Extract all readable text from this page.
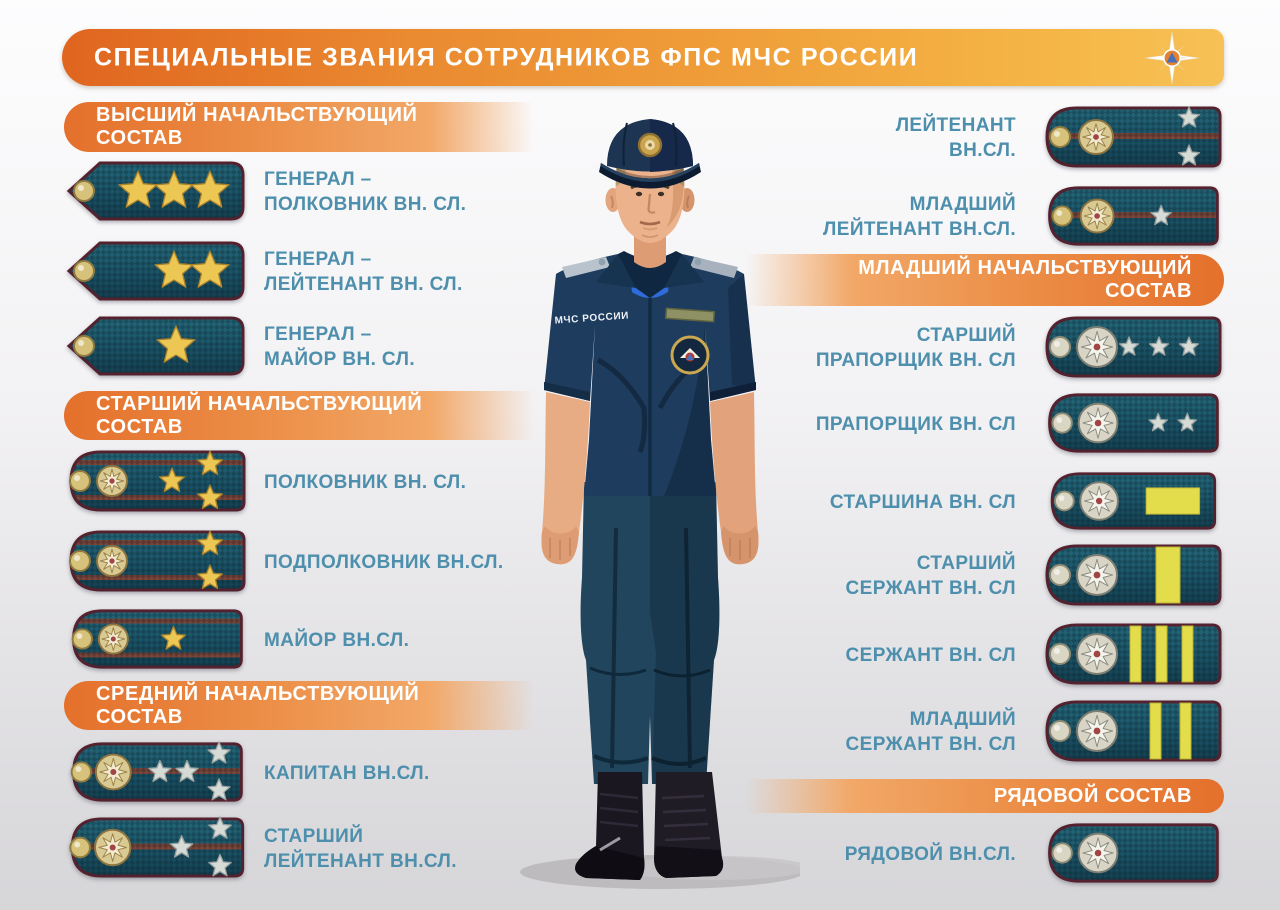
СПЕЦИАЛЬНЫЕ ЗВАНИЯ СОТРУДНИКОВ ФПС МЧС РОССИИ
МЧС РОССИИ
ВЫСШИЙ НАЧАЛЬСТВУЮЩИЙ
СОСТАВ
ГЕНЕРАЛ –
ПОЛКОВНИК ВН. СЛ.
ГЕНЕРАЛ –
ЛЕЙТЕНАНТ ВН. СЛ.
ГЕНЕРАЛ –
МАЙОР ВН. СЛ.
СТАРШИЙ НАЧАЛЬСТВУЮЩИЙ
СОСТАВ
ПОЛКОВНИК ВН. СЛ.
ПОДПОЛКОВНИК ВН.СЛ.
МАЙОР ВН.СЛ.
СРЕДНИЙ НАЧАЛЬСТВУЮЩИЙ
СОСТАВ
КАПИТАН ВН.СЛ.
СТАРШИЙ
ЛЕЙТЕНАНТ ВН.СЛ.
ЛЕЙТЕНАНТ
ВН.СЛ.
МЛАДШИЙ
ЛЕЙТЕНАНТ ВН.СЛ.
МЛАДШИЙ НАЧАЛЬСТВУЮЩИЙ
СОСТАВ
СТАРШИЙ
ПРАПОРЩИК ВН. СЛ
ПРАПОРЩИК ВН. СЛ
СТАРШИНА ВН. СЛ
СТАРШИЙ
СЕРЖАНТ ВН. СЛ
СЕРЖАНТ ВН. СЛ
МЛАДШИЙ
СЕРЖАНТ ВН. СЛ
РЯДОВОЙ СОСТАВ
РЯДОВОЙ ВН.СЛ.
